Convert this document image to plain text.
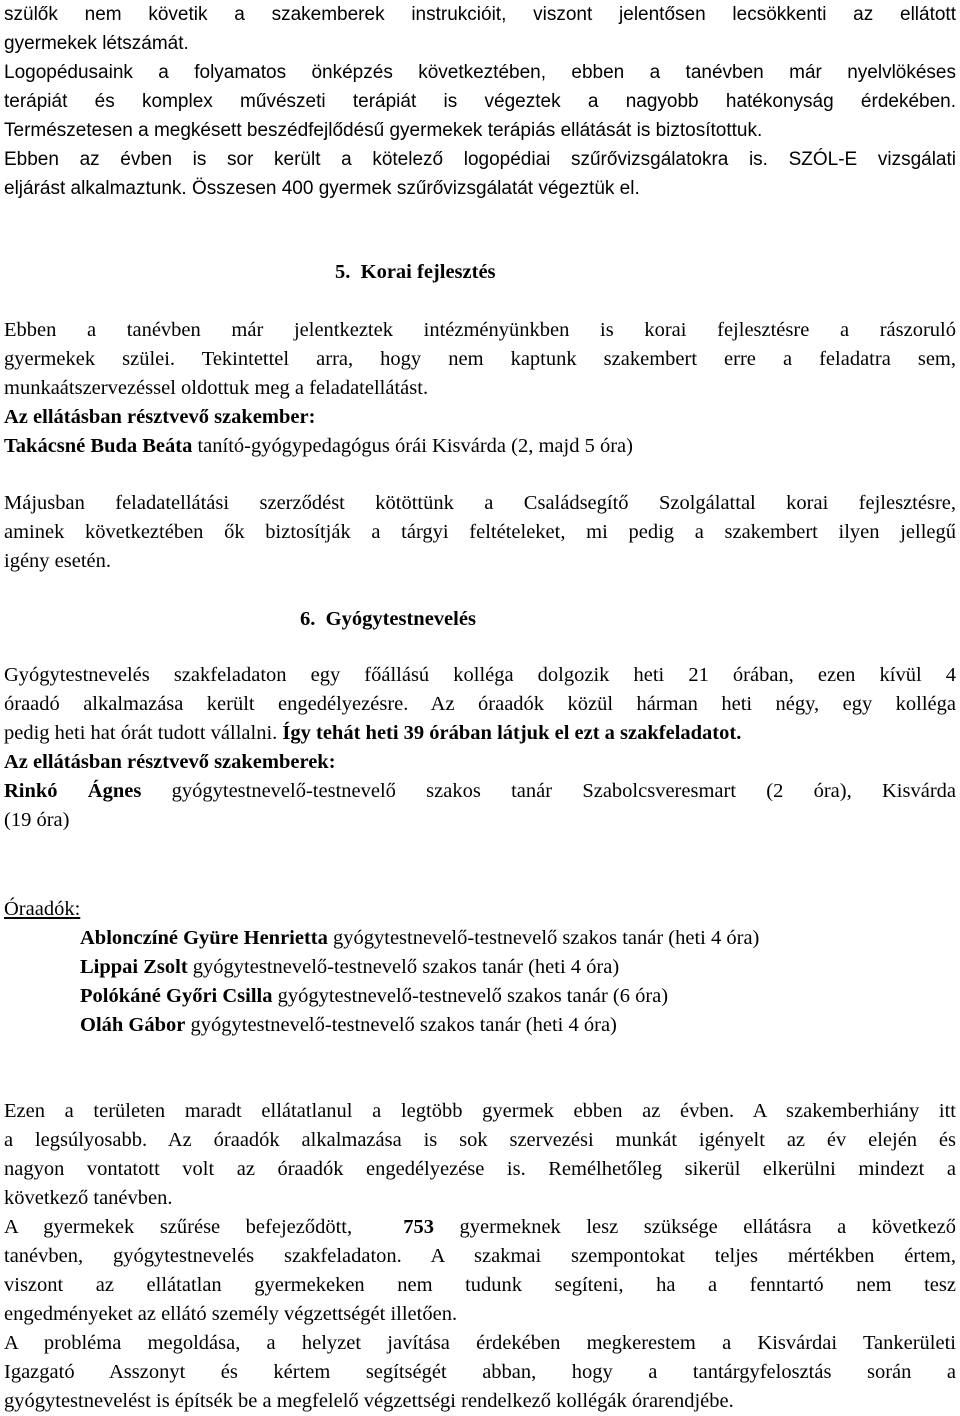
szülők nem követik a szakemberek instrukcióit, viszont jelentősen lecsökkenti az ellátott
gyermekek létszámát.
Logopédusaink a folyamatos önképzés következtében, ebben a tanévben már nyelvlökéses
terápiát és komplex művészeti terápiát is végeztek a nagyobb hatékonyság érdekében.
Természetesen a megkésett beszédfejlődésű gyermekek terápiás ellátását is biztosítottuk.
Ebben az évben is sor került a kötelező logopédiai szűrővizsgálatokra is. SZÓL-E vizsgálati
eljárást alkalmaztunk. Összesen 400 gyermek szűrővizsgálatát végeztük el.
5.  Korai fejlesztés
Ebben a tanévben már jelentkeztek intézményünkben is korai fejlesztésre a rászoruló
gyermekek szülei. Tekintettel arra, hogy nem kaptunk szakembert erre a feladatra sem,
munkaátszervezéssel oldottuk meg a feladatellátást.
Az ellátásban résztvevő szakember:
Takácsné Buda Beáta tanító-gyógypedagógus órái Kisvárda (2, majd 5 óra)
Májusban feladatellátási szerződést kötöttünk a Családsegítő Szolgálattal korai fejlesztésre,
aminek következtében ők biztosítják a tárgyi feltételeket, mi pedig a szakembert ilyen jellegű
igény esetén.
6.  Gyógytestnevelés
Gyógytestnevelés szakfeladaton egy főállású kolléga dolgozik heti 21 órában, ezen kívül 4
óraadó alkalmazása került engedélyezésre. Az óraadók közül hárman heti négy, egy kolléga
pedig heti hat órát tudott vállalni. Így tehát heti 39 órában látjuk el ezt a szakfeladatot.
Az ellátásban résztvevő szakemberek:
Rinkó Ágnes gyógytestnevelő-testnevelő szakos tanár Szabolcsveresmart (2 óra), Kisvárda
(19 óra)
Óraadók:
Ablonczíné Gyüre Henrietta gyógytestnevelő-testnevelő szakos tanár (heti 4 óra)
Lippai Zsolt gyógytestnevelő-testnevelő szakos tanár (heti 4 óra)
Polókáné Győri Csilla gyógytestnevelő-testnevelő szakos tanár (6 óra)
Oláh Gábor gyógytestnevelő-testnevelő szakos tanár (heti 4 óra)
Ezen a területen maradt ellátatlanul a legtöbb gyermek ebben az évben. A szakemberhiány itt
a legsúlyosabb. Az óraadók alkalmazása is sok szervezési munkát igényelt az év elején és
nagyon vontatott volt az óraadók engedélyezése is. Remélhetőleg sikerül elkerülni mindezt a
következő tanévben.
A gyermekek szűrése befejeződött,  753 gyermeknek lesz szüksége ellátásra a következő
tanévben, gyógytestnevelés szakfeladaton. A szakmai szempontokat teljes mértékben értem,
viszont az ellátatlan gyermekeken nem tudunk segíteni, ha a fenntartó nem tesz
engedményeket az ellátó személy végzettségét illetően.
A probléma megoldása, a helyzet javítása érdekében megkerestem a Kisvárdai Tankerületi
Igazgató Asszonyt és kértem segítségét abban, hogy a tantárgyfelosztás során a
gyógytestnevelést is építsék be a megfelelő végzettségi rendelkező kollégák órarendjébe.
